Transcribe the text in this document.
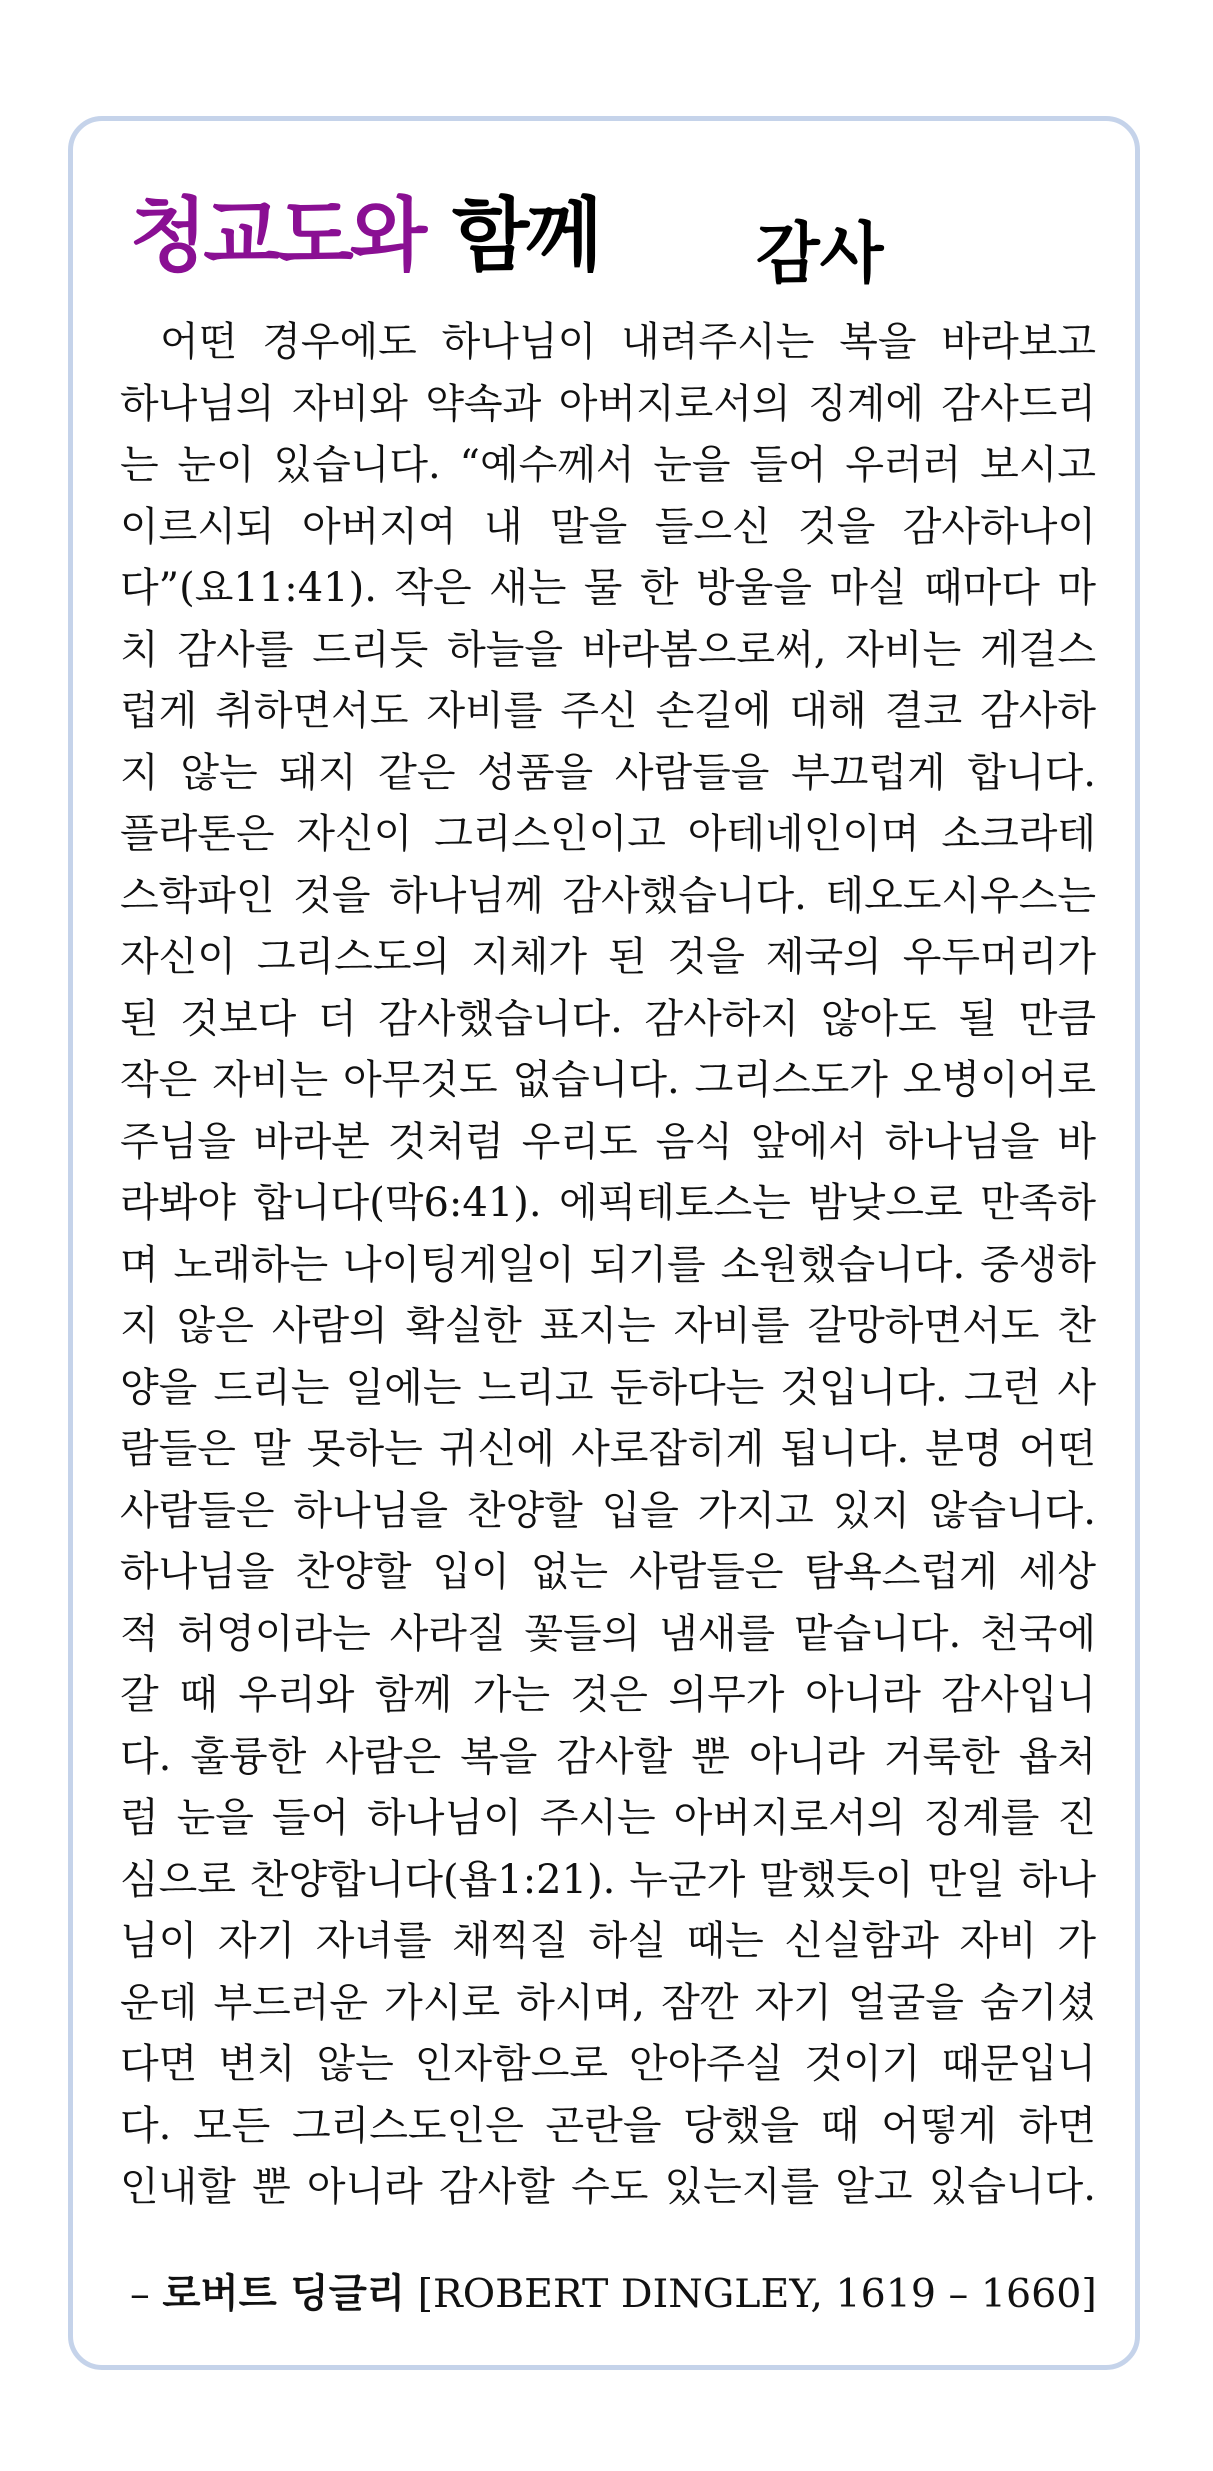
청교도와 함께 감사
어떤 경우에도 하나님이 내려주시는 복을 바라보고
하나님의 자비와 약속과 아버지로서의 징계에 감사드리
는 눈이 있습니다. “예수께서 눈을 들어 우러러 보시고
이르시되 아버지여 내 말을 들으신 것을 감사하나이
다”(요11:41). 작은 새는 물 한 방울을 마실 때마다 마
치 감사를 드리듯 하늘을 바라봄으로써, 자비는 게걸스
럽게 취하면서도 자비를 주신 손길에 대해 결코 감사하
지 않는 돼지 같은 성품을 사람들을 부끄럽게 합니다.
플라톤은 자신이 그리스인이고 아테네인이며 소크라테
스학파인 것을 하나님께 감사했습니다. 테오도시우스는
자신이 그리스도의 지체가 된 것을 제국의 우두머리가
된 것보다 더 감사했습니다. 감사하지 않아도 될 만큼
작은 자비는 아무것도 없습니다. 그리스도가 오병이어로
주님을 바라본 것처럼 우리도 음식 앞에서 하나님을 바
라봐야 합니다(막6:41). 에픽테토스는 밤낮으로 만족하
며 노래하는 나이팅게일이 되기를 소원했습니다. 중생하
지 않은 사람의 확실한 표지는 자비를 갈망하면서도 찬
양을 드리는 일에는 느리고 둔하다는 것입니다. 그런 사
람들은 말 못하는 귀신에 사로잡히게 됩니다. 분명 어떤
사람들은 하나님을 찬양할 입을 가지고 있지 않습니다.
하나님을 찬양할 입이 없는 사람들은 탐욕스럽게 세상
적 허영이라는 사라질 꽃들의 냄새를 맡습니다. 천국에
갈 때 우리와 함께 가는 것은 의무가 아니라 감사입니
다. 훌륭한 사람은 복을 감사할 뿐 아니라 거룩한 욥처
럼 눈을 들어 하나님이 주시는 아버지로서의 징계를 진
심으로 찬양합니다(욥1:21). 누군가 말했듯이 만일 하나
님이 자기 자녀를 채찍질 하실 때는 신실함과 자비 가
운데 부드러운 가시로 하시며, 잠깐 자기 얼굴을 숨기셨
다면 변치 않는 인자함으로 안아주실 것이기 때문입니
다. 모든 그리스도인은 곤란을 당했을 때 어떻게 하면
인내할 뿐 아니라 감사할 수도 있는지를 알고 있습니다.
– 로버트 딩글리 [ROBERT DINGLEY, 1619 – 1660]
